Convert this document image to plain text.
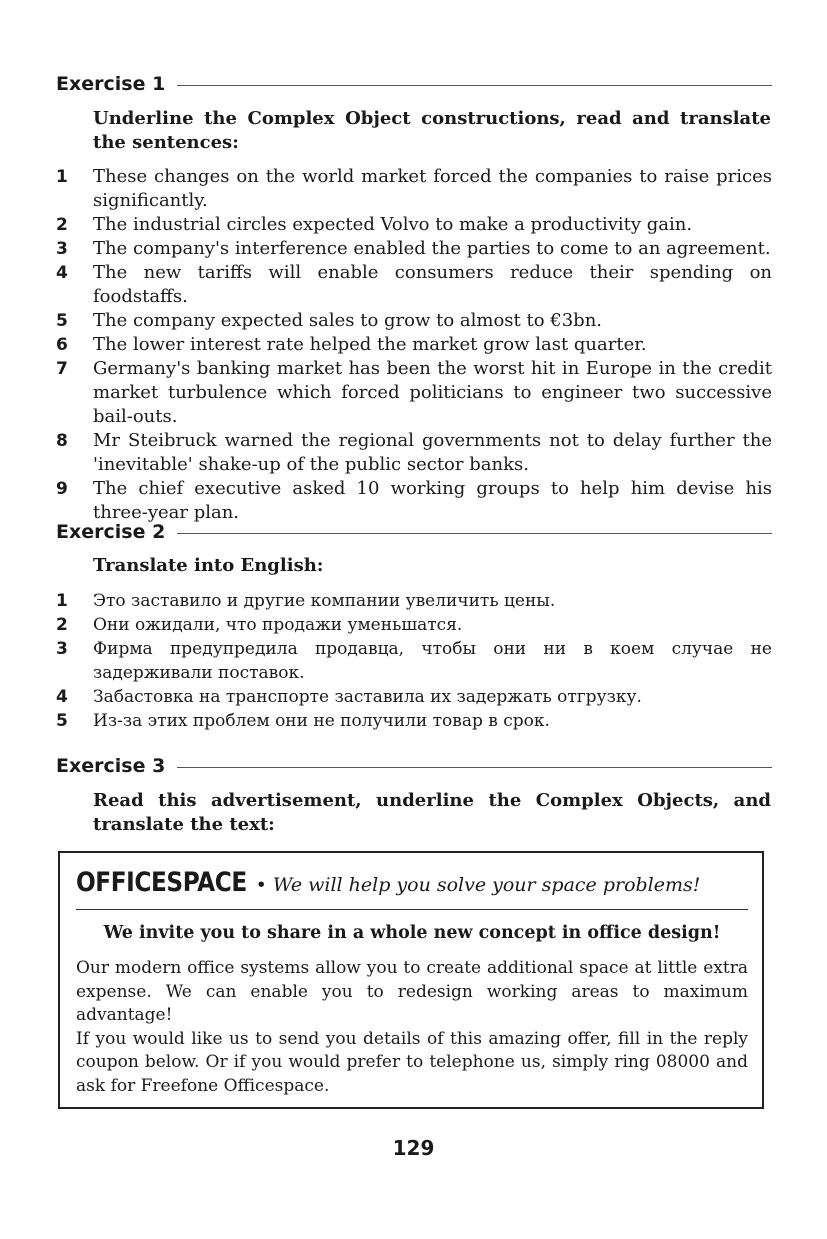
Exercise 1
Underline the Complex Object constructions, read and translate the sentences:
1 These changes on the world market forced the companies to raise prices significantly.
2 The industrial circles expected Volvo to make a productivity gain.
3 The company's interference enabled the parties to come to an agreement.
4 The new tariffs will enable consumers reduce their spending on foodstaffs.
5 The company expected sales to grow to almost to €3bn.
6 The lower interest rate helped the market grow last quarter.
7 Germany's banking market has been the worst hit in Europe in the credit market turbulence which forced politicians to engineer two successive bail-outs.
8 Mr Steibruck warned the regional governments not to delay further the 'inevitable' shake-up of the public sector banks.
9 The chief executive asked 10 working groups to help him devise his three-year plan.
Exercise 2
Translate into English:
1 Это заставило и другие компании увеличить цены.
2 Они ожидали, что продажи уменьшатся.
3 Фирма предупредила продавца, чтобы они ни в коем случае не задерживали поставок.
4 Забастовка на транспорте заставила их задержать отгрузку.
5 Из-за этих проблем они не получили товар в срок.
Exercise 3
Read this advertisement, underline the Complex Objects, and translate the text:
OFFICESPACE • We will help you solve your space problems!
We invite you to share in a whole new concept in office design!

Our modern office systems allow you to create additional space at little extra expense. We can enable you to redesign working areas to maximum advantage!

If you would like us to send you details of this amazing offer, fill in the reply coupon below. Or if you would prefer to telephone us, simply ring 08000 and ask for Freefone Officespace.

129
